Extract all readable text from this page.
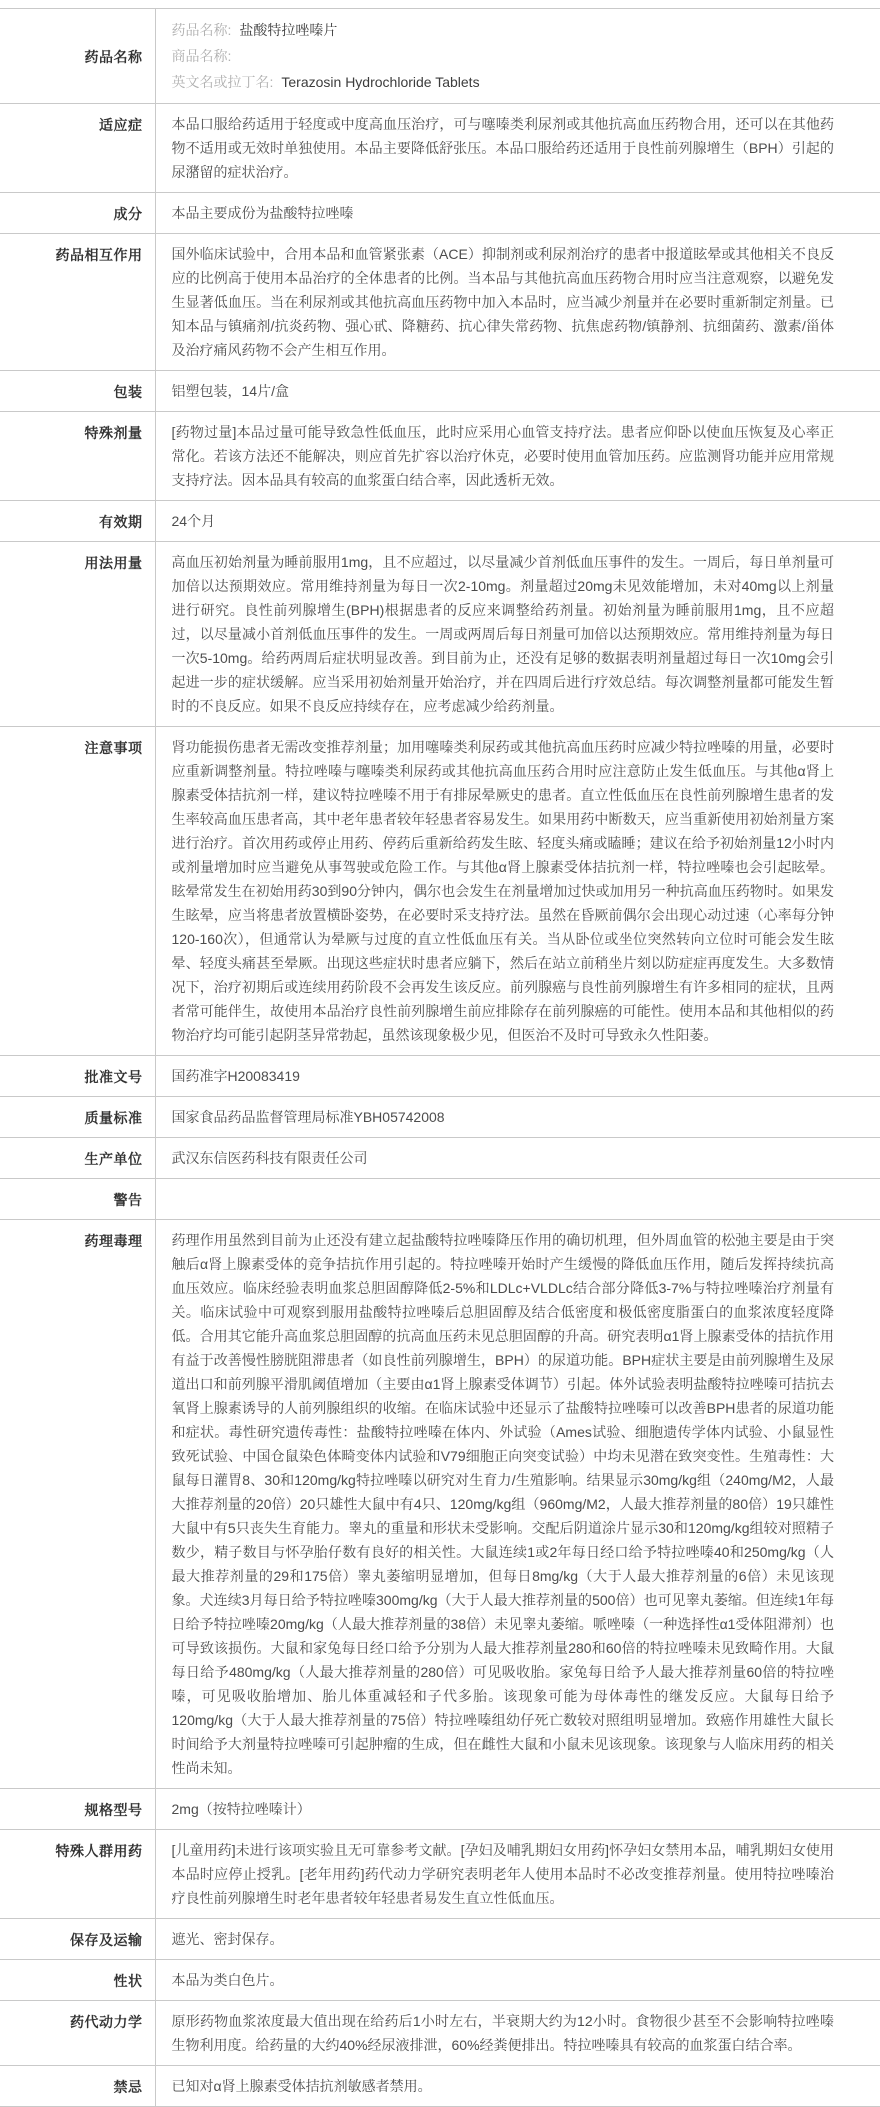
药品名称	
药品名称: 盐酸特拉唑嗪片
商品名称:
英文名或拉丁名: Terazosin Hydrochloride Tablets

适应症	本品口服给药适用于轻度或中度高血压治疗，可与噻嗪类利尿剂或其他抗高血压药物合用，还可以在其他药物不适用或无效时单独使用。本品主要降低舒张压。本品口服给药还适用于良性前列腺增生（BPH）引起的尿潴留的症状治疗。
成分	本品主要成份为盐酸特拉唑嗪
药品相互作用	国外临床试验中，合用本品和血管紧张素（ACE）抑制剂或利尿剂治疗的患者中报道眩晕或其他相关不良反应的比例高于使用本品治疗的全体患者的比例。当本品与其他抗高血压药物合用时应当注意观察，以避免发生显著低血压。当在利尿剂或其他抗高血压药物中加入本品时，应当减少剂量并在必要时重新制定剂量。已知本品与镇痛剂/抗炎药物、强心甙、降糖药、抗心律失常药物、抗焦虑药物/镇静剂、抗细菌药、激素/甾体及治疗痛风药物不会产生相互作用。
包装	铝塑包装，14片/盒
特殊剂量	[药物过量]本品过量可能导致急性低血压，此时应采用心血管支持疗法。患者应仰卧以使血压恢复及心率正常化。若该方法还不能解决，则应首先扩容以治疗休克，必要时使用血管加压药。应监测肾功能并应用常规支持疗法。因本品具有较高的血浆蛋白结合率，因此透析无效。
有效期	24个月
用法用量	高血压初始剂量为睡前服用1mg，且不应超过，以尽量减少首剂低血压事件的发生。一周后，每日单剂量可加倍以达预期效应。常用维持剂量为每日一次2-10mg。剂量超过20mg未见效能增加，未对40mg以上剂量进行研究。良性前列腺增生(BPH)根据患者的反应来调整给药剂量。初始剂量为睡前服用1mg，且不应超过，以尽量减小首剂低血压事件的发生。一周或两周后每日剂量可加倍以达预期效应。常用维持剂量为每日一次5-10mg。给药两周后症状明显改善。到目前为止，还没有足够的数据表明剂量超过每日一次10mg会引起进一步的症状缓解。应当采用初始剂量开始治疗，并在四周后进行疗效总结。每次调整剂量都可能发生暂时的不良反应。如果不良反应持续存在，应考虑减少给药剂量。
注意事项	肾功能损伤患者无需改变推荐剂量；加用噻嗪类利尿药或其他抗高血压药时应减少特拉唑嗪的用量，必要时应重新调整剂量。特拉唑嗪与噻嗪类利尿药或其他抗高血压药合用时应注意防止发生低血压。与其他α肾上腺素受体拮抗剂一样，建议特拉唑嗪不用于有排尿晕厥史的患者。直立性低血压在良性前列腺增生患者的发生率较高血压患者高，其中老年患者较年轻患者容易发生。如果用药中断数天，应当重新使用初始剂量方案进行治疗。首次用药或停止用药、停药后重新给药发生眩、轻度头痛或瞌睡；建议在给予初始剂量12小时内或剂量增加时应当避免从事驾驶或危险工作。与其他α肾上腺素受体拮抗剂一样，特拉唑嗪也会引起眩晕。眩晕常发生在初始用药30到90分钟内，偶尔也会发生在剂量增加过快或加用另一种抗高血压药物时。如果发生眩晕，应当将患者放置横卧姿势，在必要时采支持疗法。虽然在昏厥前偶尔会出现心动过速（心率每分钟120-160次），但通常认为晕厥与过度的直立性低血压有关。当从卧位或坐位突然转向立位时可能会发生眩晕、轻度头痛甚至晕厥。出现这些症状时患者应躺下，然后在站立前稍坐片刻以防症症再度发生。大多数情况下，治疗初期后或连续用药阶段不会再发生该反应。前列腺癌与良性前列腺增生有许多相同的症状，且两者常可能伴生，故使用本品治疗良性前列腺增生前应排除存在前列腺癌的可能性。使用本品和其他相似的药物治疗均可能引起阴茎异常勃起，虽然该现象极少见，但医治不及时可导致永久性阳萎。
批准文号	国药准字H20083419
质量标准	国家食品药品监督管理局标准YBH05742008
生产单位	武汉东信医药科技有限责任公司
警告	
药理毒理	药理作用虽然到目前为止还没有建立起盐酸特拉唑嗪降压作用的确切机理，但外周血管的松弛主要是由于突触后α肾上腺素受体的竞争拮抗作用引起的。特拉唑嗪开始时产生缓慢的降低血压作用，随后发挥持续抗高血压效应。临床经验表明血浆总胆固醇降低2-5%和LDLc+VLDLc结合部分降低3-7%与特拉唑嗪治疗剂量有关。临床试验中可观察到服用盐酸特拉唑嗪后总胆固醇及结合低密度和极低密度脂蛋白的血浆浓度轻度降低。合用其它能升高血浆总胆固醇的抗高血压药未见总胆固醇的升高。研究表明α1肾上腺素受体的拮抗作用有益于改善慢性膀胱阻滞患者（如良性前列腺增生，BPH）的尿道功能。BPH症状主要是由前列腺增生及尿道出口和前列腺平滑肌阈值增加（主要由α1肾上腺素受体调节）引起。体外试验表明盐酸特拉唑嗪可拮抗去氧肾上腺素诱导的人前列腺组织的收缩。在临床试验中还显示了盐酸特拉唑嗪可以改善BPH患者的尿道功能和症状。毒性研究遗传毒性：盐酸特拉唑嗪在体内、外试验（Ames试验、细胞遗传学体内试验、小鼠显性致死试验、中国仓鼠染色体畸变体内试验和V79细胞正向突变试验）中均未见潜在致突变性。生殖毒性：大鼠每日灌胃8、30和120mg/kg特拉唑嗪以研究对生育力/生殖影响。结果显示30mg/kg组（240mg/M2，人最大推荐剂量的20倍）20只雄性大鼠中有4只、120mg/kg组（960mg/M2，人最大推荐剂量的80倍）19只雄性大鼠中有5只丧失生育能力。睾丸的重量和形状未受影响。交配后阴道涂片显示30和120mg/kg组较对照精子数少，精子数目与怀孕胎仔数有良好的相关性。大鼠连续1或2年每日经口给予特拉唑嗪40和250mg/kg（人最大推荐剂量的29和175倍）睾丸萎缩明显增加，但每日8mg/kg（大于人最大推荐剂量的6倍）未见该现象。犬连续3月每日给予特拉唑嗪300mg/kg（大于人最大推荐剂量的500倍）也可见睾丸萎缩。但连续1年每日给予特拉唑嗪20mg/kg（人最大推荐剂量的38倍）未见睾丸萎缩。哌唑嗪（一种选择性α1受体阻滞剂）也可导致该损伤。大鼠和家兔每日经口给予分别为人最大推荐剂量280和60倍的特拉唑嗪未见致畸作用。大鼠每日给予480mg/kg（人最大推荐剂量的280倍）可见吸收胎。家兔每日给予人最大推荐剂量60倍的特拉唑嗪，可见吸收胎增加、胎儿体重减轻和子代多胎。该现象可能为母体毒性的继发反应。大鼠每日给予120mg/kg（大于人最大推荐剂量的75倍）特拉唑嗪组幼仔死亡数较对照组明显增加。致癌作用雄性大鼠长时间给予大剂量特拉唑嗪可引起肿瘤的生成，但在雌性大鼠和小鼠未见该现象。该现象与人临床用药的相关性尚未知。
规格型号	2mg（按特拉唑嗪计）
特殊人群用药	[儿童用药]未进行该项实验且无可靠参考文献。[孕妇及哺乳期妇女用药]怀孕妇女禁用本品，哺乳期妇女使用本品时应停止授乳。[老年用药]药代动力学研究表明老年人使用本品时不必改变推荐剂量。使用特拉唑嗪治疗良性前列腺增生时老年患者较年轻患者易发生直立性低血压。
保存及运输	遮光、密封保存。
性状	本品为类白色片。
药代动力学	原形药物血浆浓度最大值出现在给药后1小时左右，半衰期大约为12小时。食物很少甚至不会影响特拉唑嗪生物利用度。给药量的大约40%经尿液排泄，60%经粪便排出。特拉唑嗪具有较高的血浆蛋白结合率。
禁忌	已知对α肾上腺素受体拮抗剂敏感者禁用。
